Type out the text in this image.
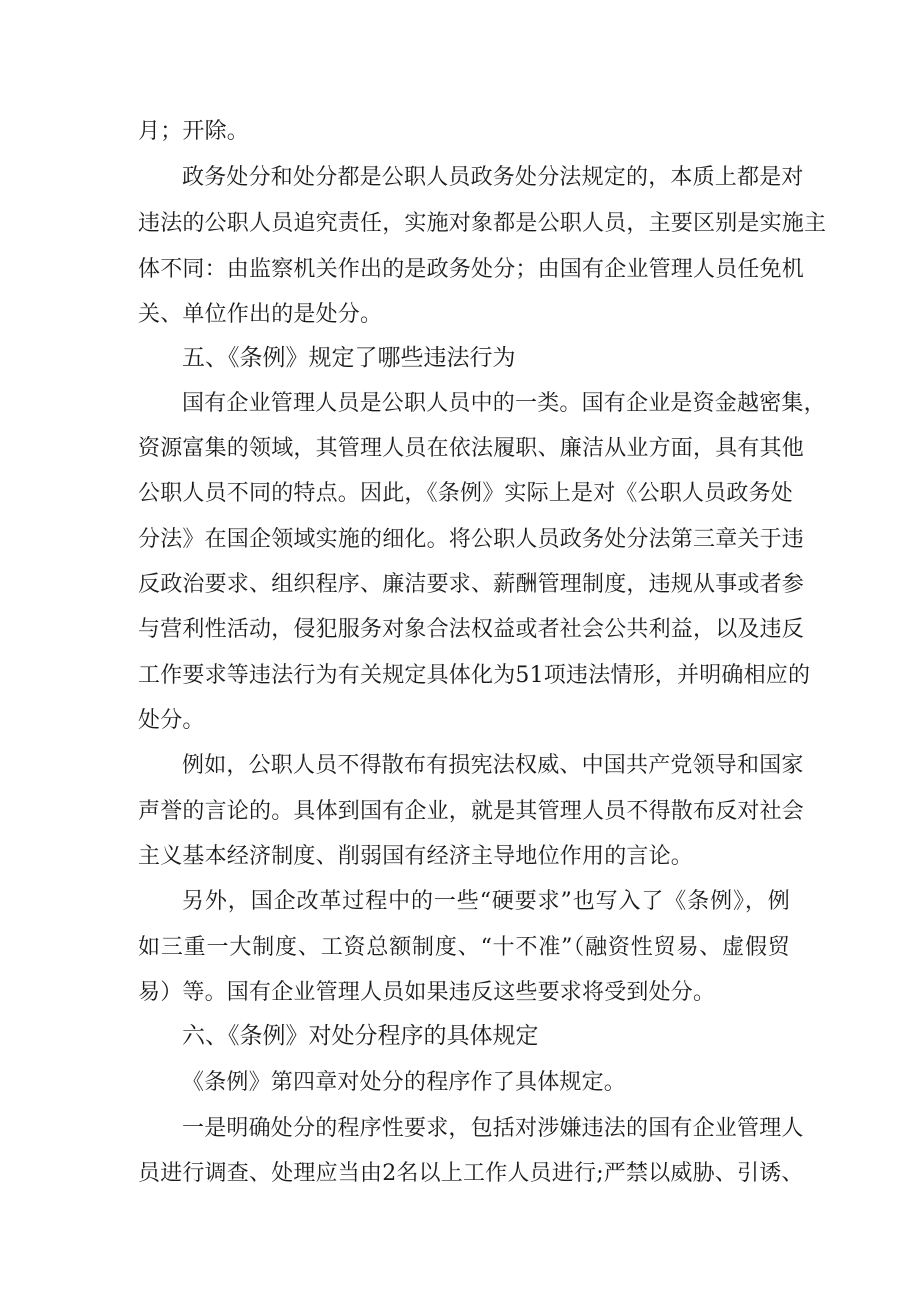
月；开除。
政务处分和处分都是公职人员政务处分法规定的，本质上都是对
违法的公职人员追究责任，实施对象都是公职人员，主要区别是实施主
体不同：由监察机关作出的是政务处分；由国有企业管理人员任免机
关、单位作出的是处分。
五、《条例》规定了哪些违法行为
国有企业管理人员是公职人员中的一类。国有企业是资金越密集，
资源富集的领域，其管理人员在依法履职、廉洁从业方面，具有其他
公职人员不同的特点。因此，《条例》实际上是对《公职人员政务处
分法》在国企领域实施的细化。将公职人员政务处分法第三章关于违
反政治要求、组织程序、廉洁要求、薪酬管理制度，违规从事或者参
与营利性活动，侵犯服务对象合法权益或者社会公共利益，以及违反
工作要求等违法行为有关规定具体化为51项违法情形，并明确相应的
处分。
例如，公职人员不得散布有损宪法权威、中国共产党领导和国家
声誉的言论的。具体到国有企业，就是其管理人员不得散布反对社会
主义基本经济制度、削弱国有经济主导地位作用的言论。
另外，国企改革过程中的一些“硬要求”也写入了《条例》，例
如三重一大制度、工资总额制度、“十不准”（融资性贸易、虚假贸
易）等。国有企业管理人员如果违反这些要求将受到处分。
六、《条例》对处分程序的具体规定
《条例》第四章对处分的程序作了具体规定。
一是明确处分的程序性要求，包括对涉嫌违法的国有企业管理人
员进行调查、处理应当由2名以上工作人员进行;严禁以威胁、引诱、
